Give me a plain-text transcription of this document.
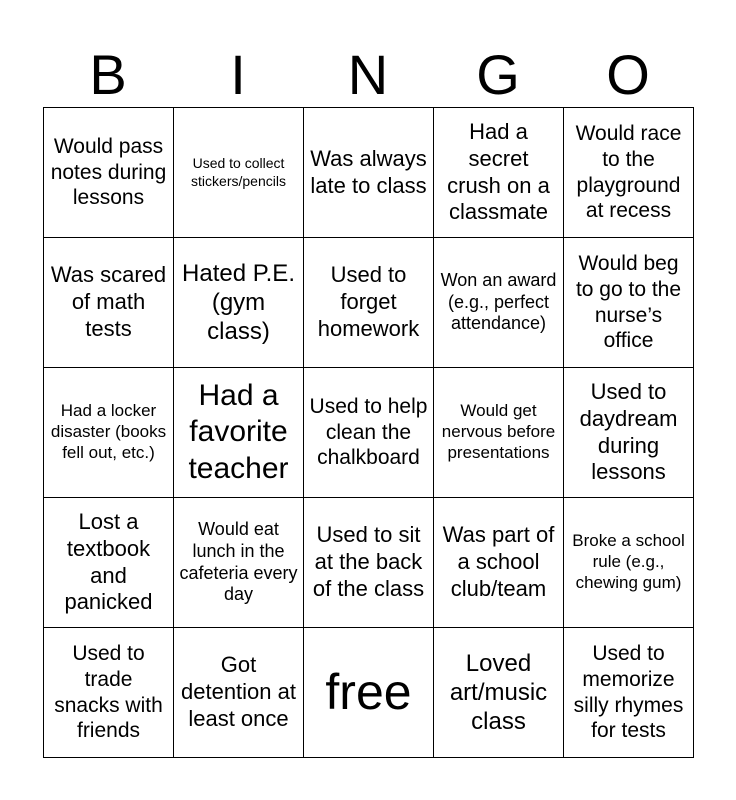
B	I	N	G	O
Would pass notes during lessons	Used to collect stickers/pencils	Was always late to class	Had a secret crush on a classmate	Would race to the playground at recess
Was scared of math tests	Hated P.E. (gym class)	Used to forget homework	Won an award (e.g., perfect attendance)	Would beg to go to the nurse’s office
Had a locker disaster (books fell out, etc.)	Had a favorite teacher	Used to help clean the chalkboard	Would get nervous before presentations	Used to daydream during lessons
Lost a textbook and panicked	Would eat lunch in the cafeteria every day	Used to sit at the back of the class	Was part of a school club/team	Broke a school rule (e.g., chewing gum)
Used to trade snacks with friends	Got detention at least once	free	Loved art/music class	Used to memorize silly rhymes for tests
